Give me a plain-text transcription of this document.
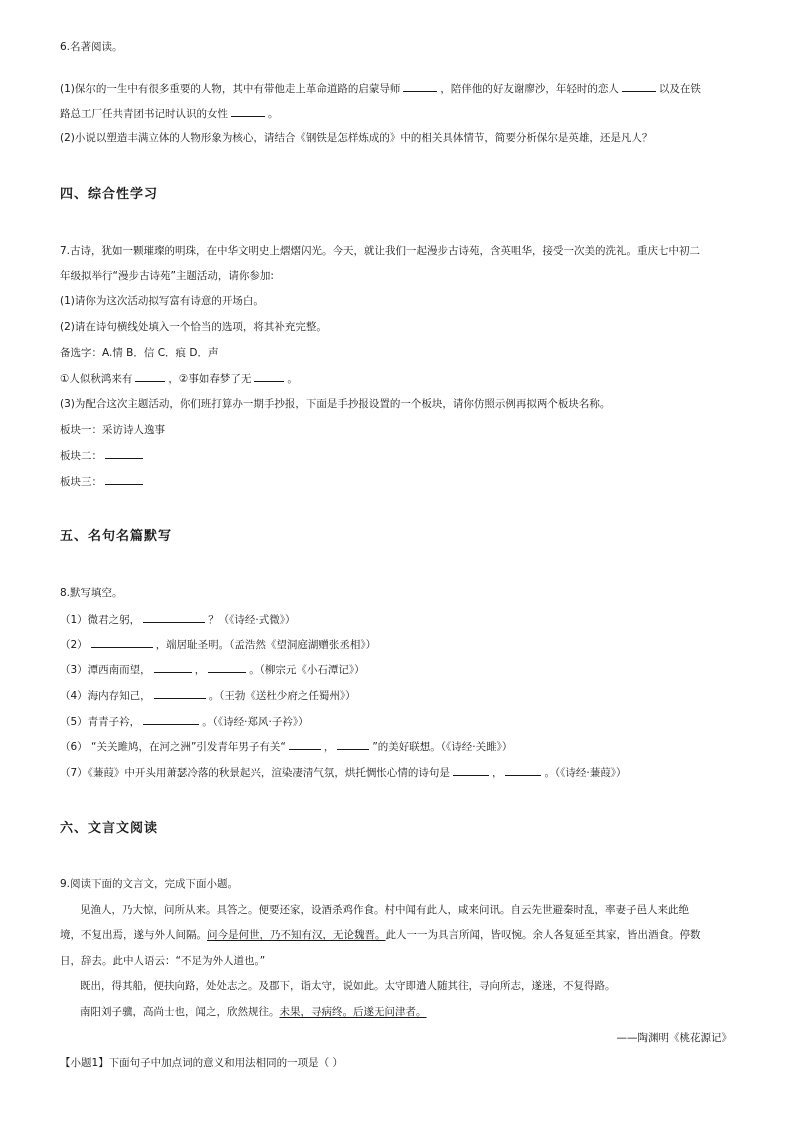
6.名著阅读。
(1)保尔的一生中有很多重要的人物，其中有带他走上革命道路的启蒙导师	，陪伴他的好友谢廖沙，年轻时的恋人	以及在铁
路总工厂任共青团书记时认识的女性	。
(2)小说以塑造丰满立体的人物形象为核心，请结合《钢铁是怎样炼成的》中的相关具体情节，简要分析保尔是英雄，还是凡人？
四、综合性学习
7.古诗，犹如一颗璀璨的明珠，在中华文明史上熠熠闪光。今天，就让我们一起漫步古诗苑，含英咀华，接受一次美的洗礼。重庆七中初二
年级拟举行“漫步古诗苑”主题活动，请你参加:
(1)请你为这次活动拟写富有诗意的开场白。
(2)请在诗句横线处填入一个恰当的选项，将其补充完整。
备选字：A.情 B．信 C．痕 D．声
①人似秋鸿来有	，②事如春梦了无	。
(3)为配合这次主题活动，你们班打算办一期手抄报，下面是手抄报设置的一个板块，请你仿照示例再拟两个板块名称。
板块一：采访诗人逸事
板块二：
板块三：
五、名句名篇默写
8.默写填空。
（1）微君之躬，	？（《诗经·式微》）
（2）	，端居耻圣明。（孟浩然《望洞庭湖赠张丞相》）
（3）潭西南而望，	，	。（柳宗元《小石潭记》）
（4）海内存知己，	。（王勃《送杜少府之任蜀州》）
（5）青青子衿，	。（《诗经·郑风·子衿》）
（6） “关关雎鸠，在河之洲”引发青年男子有关“	，	”的美好联想。（《诗经·关雎》）
（7）《蒹葭》中开头用萧瑟冷落的秋景起兴，渲染凄清气氛，烘托惆怅心情的诗句是	，	。（《诗经·蒹葭》）
六、文言文阅读
9.阅读下面的文言文，完成下面小题。
见渔人，乃大惊，问所从来。具答之。便要还家，设酒杀鸡作食。村中闻有此人，咸来问讯。自云先世避秦时乱，率妻子邑人来此绝
境，不复出焉，遂与外人间隔。问今是何世，乃不知有汉，无论魏晋。此人一一为具言所闻，皆叹惋。余人各复延至其家，皆出酒食。停数
日，辞去。此中人语云：“不足为外人道也。”
既出，得其船，便扶向路，处处志之。及郡下，诣太守，说如此。太守即遣人随其往，寻向所志，遂迷，不复得路。
南阳刘子骥，高尚士也，闻之，欣然规往。未果，寻病终。后遂无问津者。
——陶渊明《桃花源记》
【小题1】下面句子中加点词的意义和用法相同的一项是（ ）
